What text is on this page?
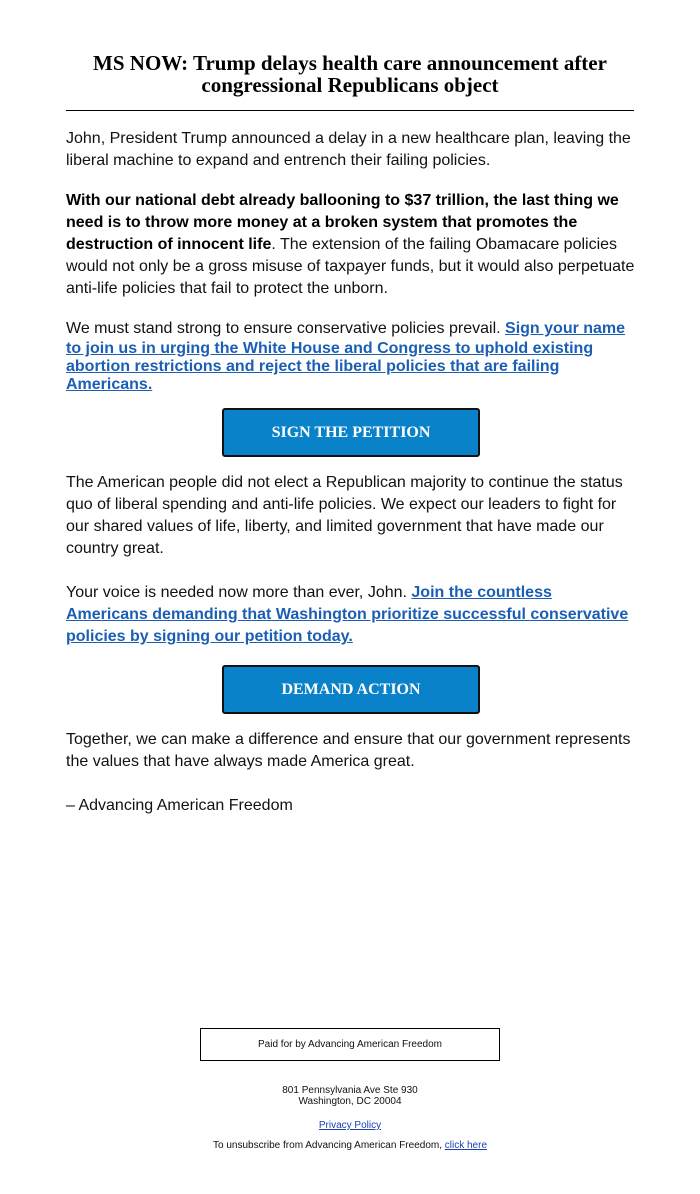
MS NOW: Trump delays health care announcement after congressional Republicans object

John, President Trump announced a delay in a new healthcare plan, leaving the liberal machine to expand and entrench their failing policies.

With our national debt already ballooning to $37 trillion, the last thing we need is to throw more money at a broken system that promotes the destruction of innocent life. The extension of the failing Obamacare policies would not only be a gross misuse of taxpayer funds, but it would also perpetuate anti-life policies that fail to protect the unborn.

We must stand strong to ensure conservative policies prevail. Sign your name to join us in urging the White House and Congress to uphold existing abortion restrictions and reject the liberal policies that are failing Americans.

SIGN THE PETITION

The American people did not elect a Republican majority to continue the status quo of liberal spending and anti-life policies. We expect our leaders to fight for our shared values of life, liberty, and limited government that have made our country great.

Your voice is needed now more than ever, John. Join the countless Americans demanding that Washington prioritize successful conservative policies by signing our petition today.

DEMAND ACTION

Together, we can make a difference and ensure that our government represents the values that have always made America great.

– Advancing American Freedom

Paid for by Advancing American Freedom
801 Pennsylvania Ave Ste 930
Washington, DC 20004
Privacy Policy
To unsubscribe from Advancing American Freedom, click here
